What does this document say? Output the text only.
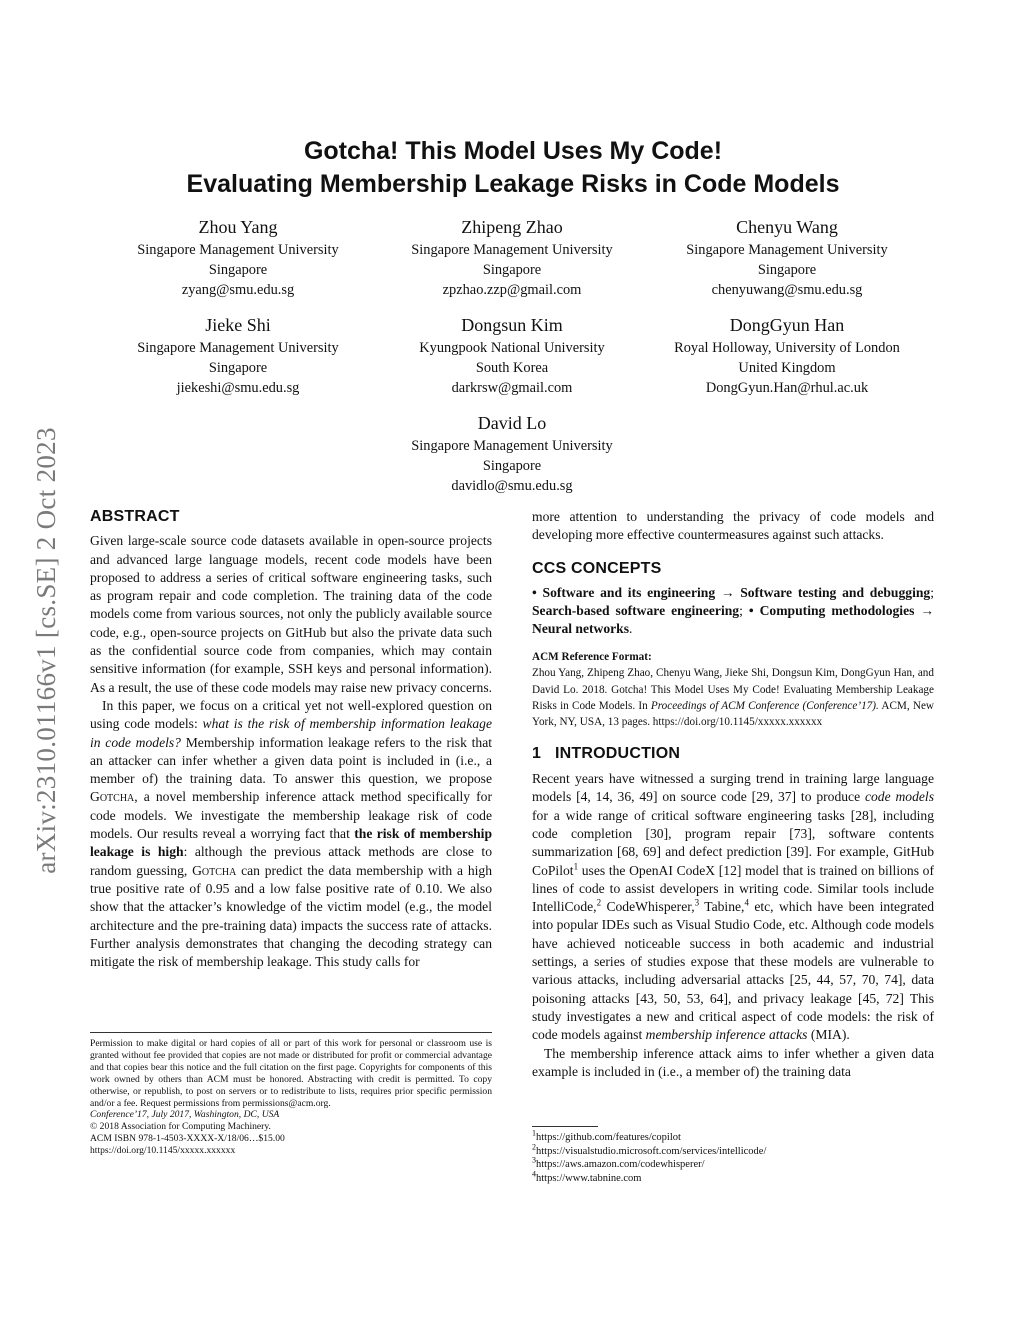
arXiv:2310.01166v1 [cs.SE] 2 Oct 2023
Gotcha! This Model Uses My Code!
Evaluating Membership Leakage Risks in Code Models
Zhou Yang
Singapore Management University
Singapore
zyang@smu.edu.sg
Zhipeng Zhao
Singapore Management University
Singapore
zpzhao.zzp@gmail.com
Chenyu Wang
Singapore Management University
Singapore
chenyuwang@smu.edu.sg
Jieke Shi
Singapore Management University
Singapore
jiekeshi@smu.edu.sg
Dongsun Kim
Kyungpook National University
South Korea
darkrsw@gmail.com
DongGyun Han
Royal Holloway, University of London
United Kingdom
DongGyun.Han@rhul.ac.uk
David Lo
Singapore Management University
Singapore
davidlo@smu.edu.sg
ABSTRACT

Given large-scale source code datasets available in open-source projects and advanced large language models, recent code models have been proposed to address a series of critical software engineering tasks, such as program repair and code completion. The training data of the code models come from various sources, not only the publicly available source code, e.g., open-source projects on GitHub but also the private data such as the confidential source code from companies, which may contain sensitive information (for example, SSH keys and personal information). As a result, the use of these code models may raise new privacy concerns.

In this paper, we focus on a critical yet not well-explored question on using code models: what is the risk of membership information leakage in code models? Membership information leakage refers to the risk that an attacker can infer whether a given data point is included in (i.e., a member of) the training data. To answer this question, we propose Gotcha, a novel membership inference attack method specifically for code models. We investigate the membership leakage risk of code models. Our results reveal a worrying fact that the risk of membership leakage is high: although the previous attack methods are close to random guessing, Gotcha can predict the data membership with a high true positive rate of 0.95 and a low false positive rate of 0.10. We also show that the attacker’s knowledge of the victim model (e.g., the model architecture and the pre-training data) impacts the success rate of attacks. Further analysis demonstrates that changing the decoding strategy can mitigate the risk of membership leakage. This study calls for

Permission to make digital or hard copies of all or part of this work for personal or classroom use is granted without fee provided that copies are not made or distributed for profit or commercial advantage and that copies bear this notice and the full citation on the first page. Copyrights for components of this work owned by others than ACM must be honored. Abstracting with credit is permitted. To copy otherwise, or republish, to post on servers or to redistribute to lists, requires prior specific permission and/or a fee. Request permissions from permissions@acm.org.

Conference’17, July 2017, Washington, DC, USA

© 2018 Association for Computing Machinery.

ACM ISBN 978-1-4503-XXXX-X/18/06…$15.00

https://doi.org/10.1145/xxxxx.xxxxxx

more attention to understanding the privacy of code models and developing more effective countermeasures against such attacks.

CCS CONCEPTS

• Software and its engineering → Software testing and debugging; Search-based software engineering; • Computing methodologies → Neural networks.

ACM Reference Format:
Zhou Yang, Zhipeng Zhao, Chenyu Wang, Jieke Shi, Dongsun Kim, DongGyun Han, and David Lo. 2018. Gotcha! This Model Uses My Code! Evaluating Membership Leakage Risks in Code Models. In Proceedings of ACM Conference (Conference’17). ACM, New York, NY, USA, 13 pages. https://doi.org/10.1145/xxxxx.xxxxxx
1   INTRODUCTION

Recent years have witnessed a surging trend in training large language models [4, 14, 36, 49] on source code [29, 37] to produce code models for a wide range of critical software engineering tasks [28], including code completion [30], program repair [73], software contents summarization [68, 69] and defect prediction [39]. For example, GitHub CoPilot$^1$ uses the OpenAI CodeX [12] model that is trained on billions of lines of code to assist developers in writing code. Similar tools include IntelliCode,$^2$ CodeWhisperer,$^3$ Tabine,$^4$ etc, which have been integrated into popular IDEs such as Visual Studio Code, etc. Although code models have achieved noticeable success in both academic and industrial settings, a series of studies expose that these models are vulnerable to various attacks, including adversarial attacks [25, 44, 57, 70, 74], data poisoning attacks [43, 50, 53, 64], and privacy leakage [45, 72] This study investigates a new and critical aspect of code models: the risk of code models against membership inference attacks (MIA).

The membership inference attack aims to infer whether a given data example is included in (i.e., a member of) the training data

$^1$https://github.com/features/copilot
$^2$https://visualstudio.microsoft.com/services/intellicode/
$^3$https://aws.amazon.com/codewhisperer/
$^4$https://www.tabnine.com
